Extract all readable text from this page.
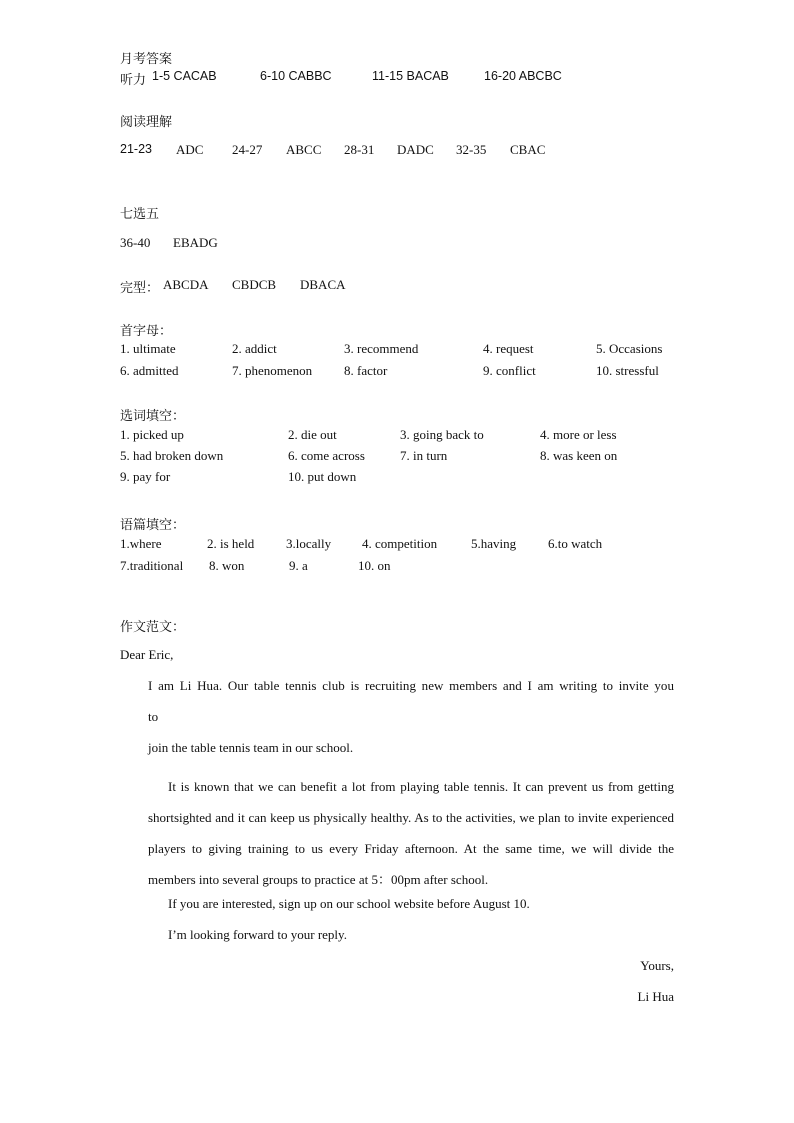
月考答案
听力 1-5 CACAB	6-10 CABBC	11-15 BACAB	16-20 ABCBC
阅读理解
21-23 ADC 24-27 ABCC 28-31 DADC 32-35 CBAC
七选五
36-40 EBADG
完型： ABCDA CBDCB DBACA
首字母：
1. ultimate	2. addict	3. recommend	4. request	5. Occasions
6. admitted	7. phenomenon 8. factor	9. conflict	10. stressful
选词填空：
1. picked up	2. die out	3. going back to	4. more or less
5. had broken down	6. come across	7. in turn	8. was keen on
9. pay for	10. put down
语篇填空：
1.where	2. is held 3.locally 4. competition	5.having 6.to watch
7.traditional 8. won	9. a	10. on
作文范文：
Dear Eric,

I am Li Hua. Our table tennis club is recruiting new members and I am writing to invite you

to
join the table tennis team in our school.

It is known that we can benefit a lot from playing table tennis. It can prevent us from getting shortsighted and it can keep us physically healthy. As to the activities, we plan to invite experienced players to giving training to us every Friday afternoon. At the same time, we will divide the members into several groups to practice at 5：00pm after school.

If you are interested, sign up on our school website before August 10.
I’m looking forward to your reply.
Yours,
Li Hua
